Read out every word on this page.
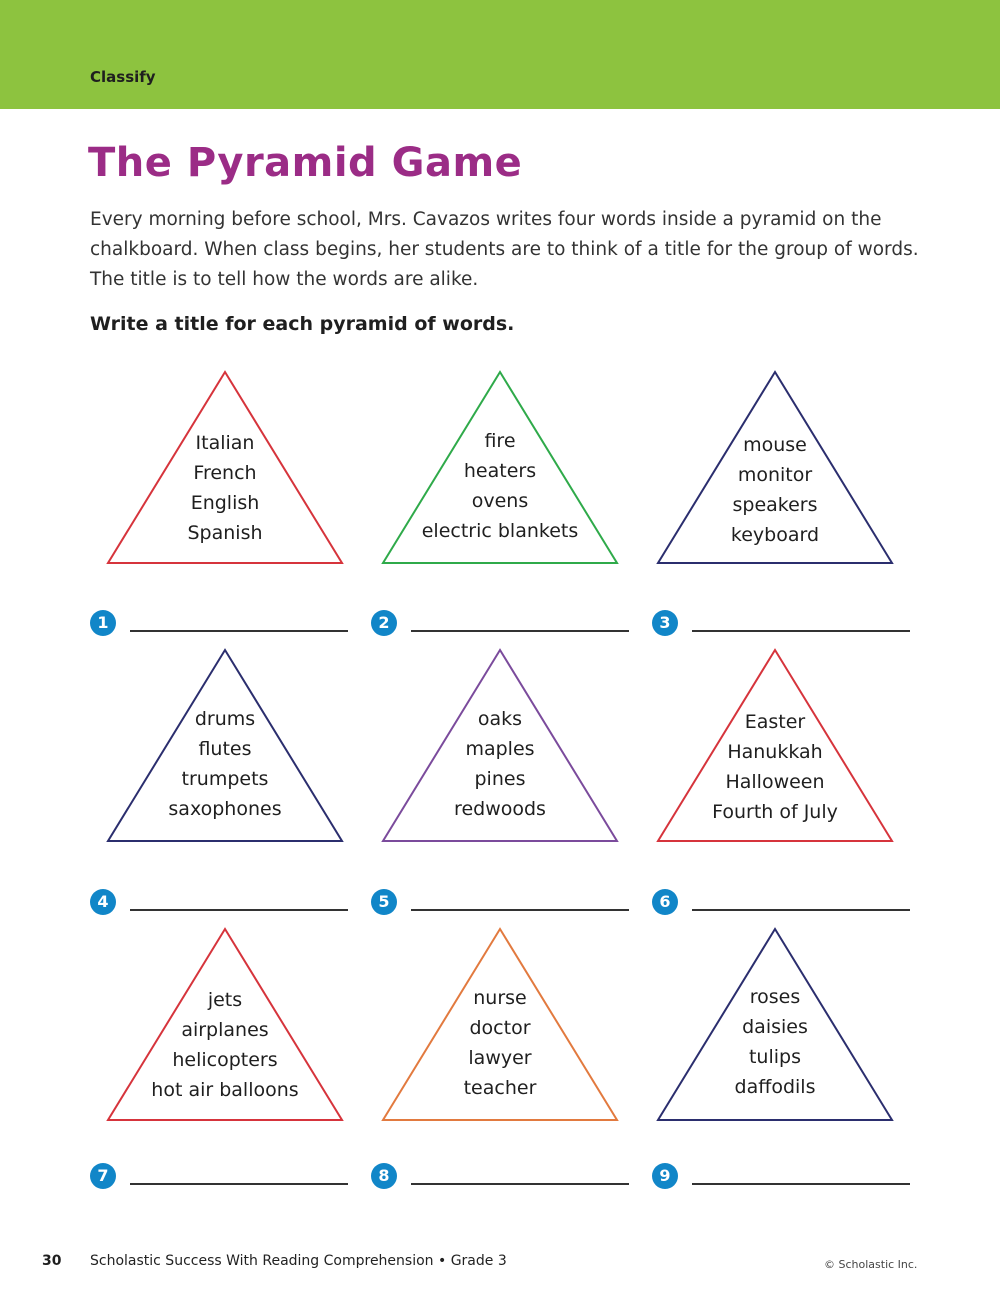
Classify
The Pyramid Game

Every morning before school, Mrs. Cavazos writes four words inside a pyramid on the chalkboard. When class begins, her students are to think of a title for the group of words. The title is to tell how the words are alike.

Write a title for each pyramid of words.

Italian
French
English
Spanish
fire
heaters
ovens
electric blankets
mouse
monitor
speakers
keyboard
1	2	3
drums
flutes
trumpets
saxophones
oaks
maples
pines
redwoods
Easter
Hanukkah
Halloween
Fourth of July
4	5	6
jets
airplanes
helicopters
hot air balloons
nurse
doctor
lawyer
teacher
roses
daisies
tulips
daffodils
7	8	9
30 Scholastic Success With Reading Comprehension • Grade 3	© Scholastic Inc.
